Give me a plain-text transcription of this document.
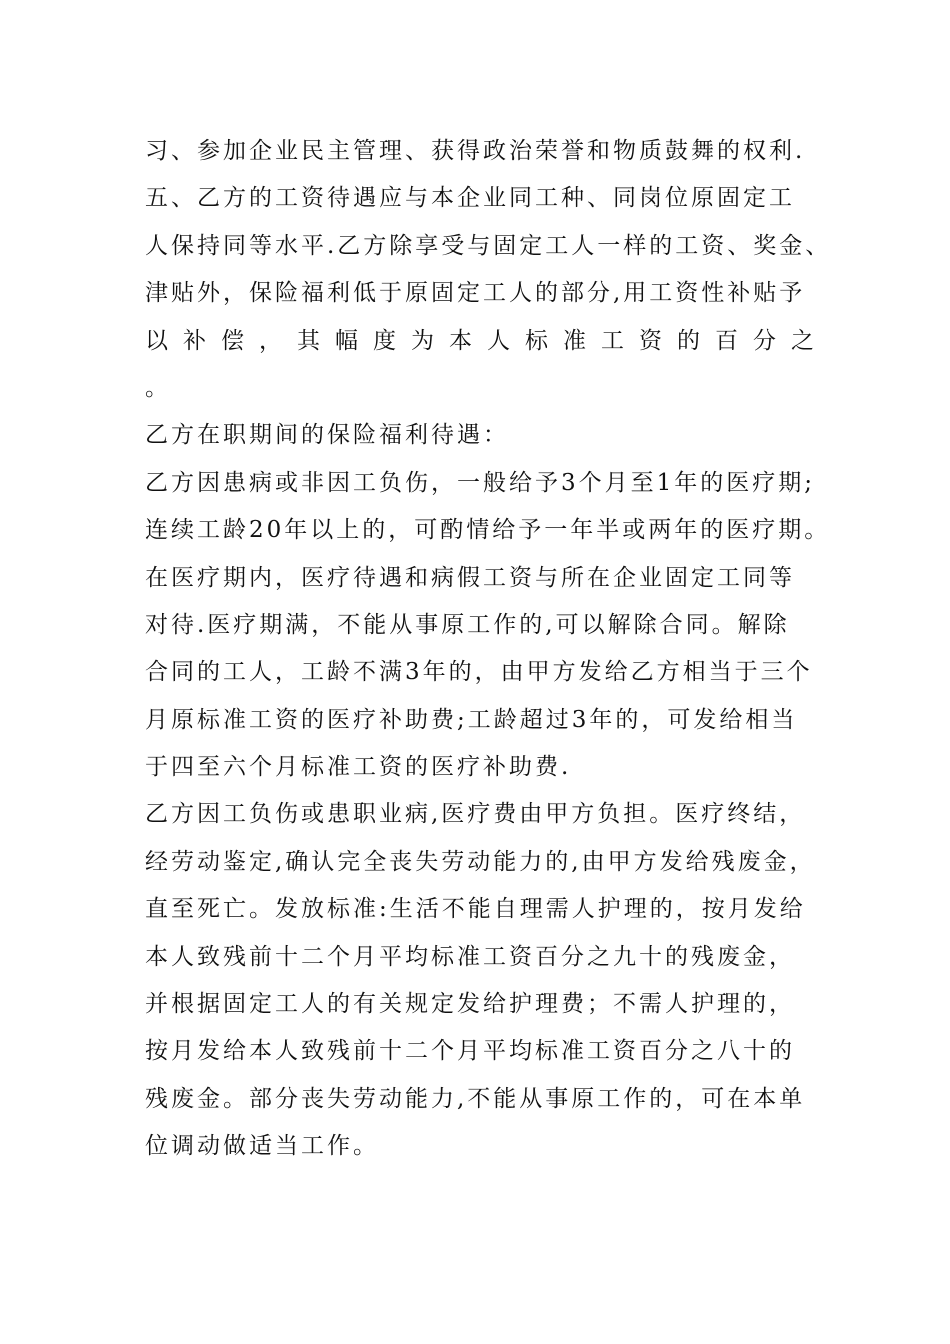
习、参加企业民主管理、获得政治荣誉和物质鼓舞的权利.
五、乙方的工资待遇应与本企业同工种、同岗位原固定工
人保持同等水平.乙方除享受与固定工人一样的工资、奖金、
津贴外，保险福利低于原固定工人的部分,用工资性补贴予
以补偿，其幅度为本人标准工资的百分之
。
乙方在职期间的保险福利待遇：
乙方因患病或非因工负伤，一般给予3个月至1年的医疗期;
连续工龄20年以上的，可酌情给予一年半或两年的医疗期。
在医疗期内，医疗待遇和病假工资与所在企业固定工同等
对待.医疗期满，不能从事原工作的,可以解除合同。解除
合同的工人，工龄不满3年的，由甲方发给乙方相当于三个
月原标准工资的医疗补助费;工龄超过3年的，可发给相当
于四至六个月标准工资的医疗补助费.
乙方因工负伤或患职业病,医疗费由甲方负担。医疗终结，
经劳动鉴定,确认完全丧失劳动能力的,由甲方发给残废金，
直至死亡。发放标准:生活不能自理需人护理的，按月发给
本人致残前十二个月平均标准工资百分之九十的残废金，
并根据固定工人的有关规定发给护理费；不需人护理的，
按月发给本人致残前十二个月平均标准工资百分之八十的
残废金。部分丧失劳动能力,不能从事原工作的，可在本单
位调动做适当工作。
